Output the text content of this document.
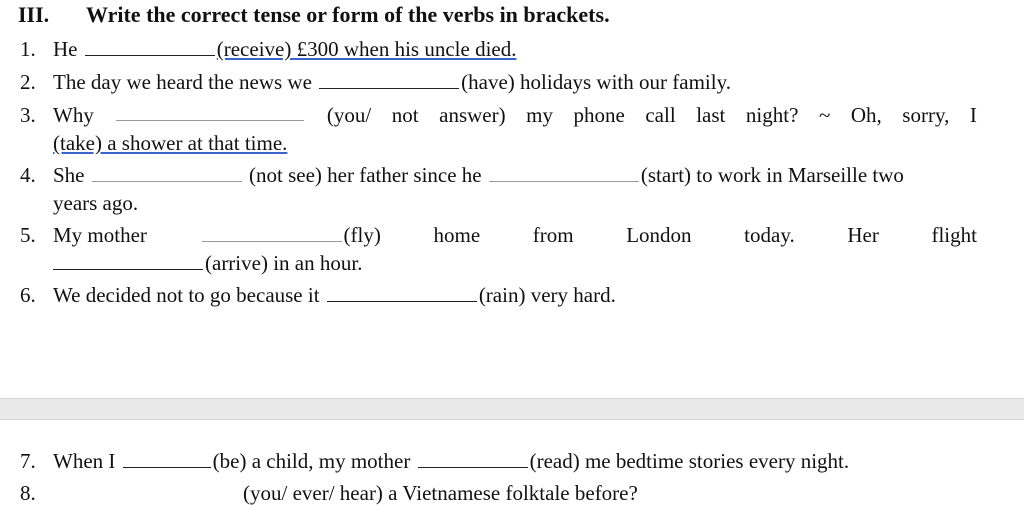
III. Write the correct tense or form of the verbs in brackets.
1. He	(receive) £300 when his uncle died.
2. The day we heard the news we	(have) holidays with our family.
3. Why	(you/ not answer) my phone call last night? ~ Oh, sorry, I
(take) a shower at that time.
4. She	(not see) her father since he	(start) to work in Marseille two
years ago.
5. My mother	(fly)	home	from	London	today.	Her	flight
(arrive) in an hour.
6. We decided not to go because it	(rain) very hard.
7. When I	(be) a child, my mother	(read) me bedtime stories every night.
8.	(you/ ever/ hear) a Vietnamese folktale before?
